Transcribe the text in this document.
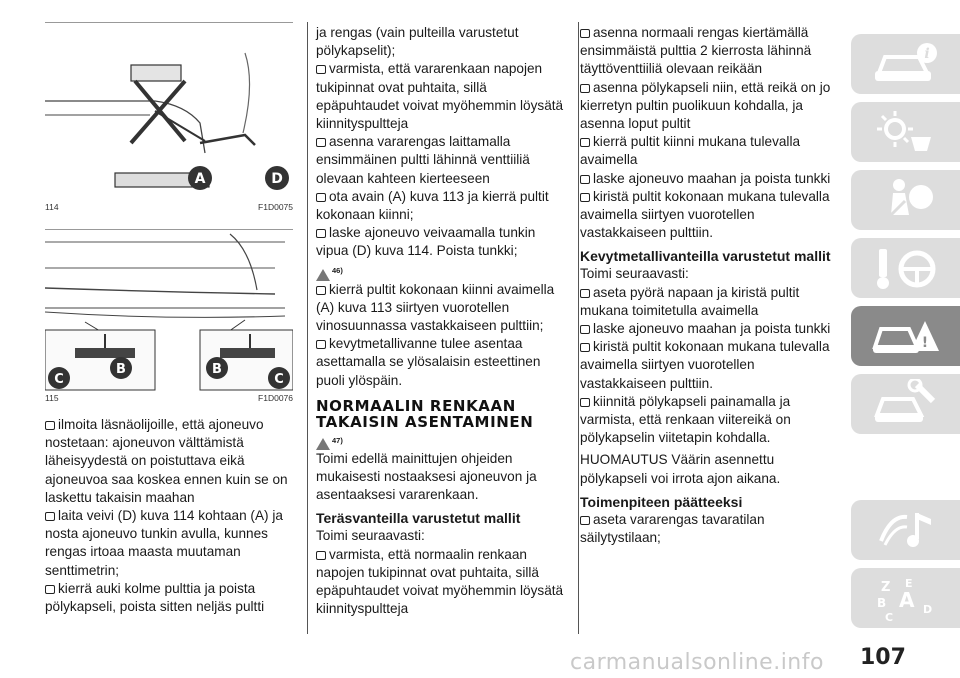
A	D
114	F1D0075
C
B	B
C
115	F1D0076

ilmoita läsnäolijoille, että ajoneuvo nostetaan: ajoneuvon välttämistä läheisyydestä on poistuttava eikä ajoneuvoa saa koskea ennen kuin se on laskettu takaisin maahan

laita veivi (D) kuva 114 kohtaan (A) ja nosta ajoneuvo tunkin avulla, kunnes rengas irtoaa maasta muutaman senttimetrin;

kierrä auki kolme pulttia ja poista pölykapseli, poista sitten neljäs pultti

ja rengas (vain pulteilla varustetut pölykapselit);

varmista, että vararenkaan napojen tukipinnat ovat puhtaita, sillä epäpuhtaudet voivat myöhemmin löysätä kiinnityspultteja

asenna vararengas laittamalla ensimmäinen pultti lähinnä venttiiliä olevaan kahteen kierteeseen

ota avain (A) kuva 113 ja kierrä pultit kokonaan kiinni;

laske ajoneuvo veivaamalla tunkin vipua (D) kuva 114. Poista tunkki;

46)

kierrä pultit kokonaan kiinni avaimella (A) kuva 113 siirtyen vuorotellen vinosuunnassa vastakkaiseen pulttiin;

kevytmetallivanne tulee asentaa asettamalla se ylösalaisin esteettinen puoli ylöspäin.

NORMAALIN RENKAAN TAKAISIN ASENTAMINEN
47)

Toimi edellä mainittujen ohjeiden mukaisesti nostaaksesi ajoneuvon ja asentaaksesi vararenkaan.

Teräsvanteilla varustetut mallit

Toimi seuraavasti:

varmista, että normaalin renkaan napojen tukipinnat ovat puhtaita, sillä epäpuhtaudet voivat myöhemmin löysätä kiinnityspultteja

asenna normaali rengas kiertämällä ensimmäistä pulttia 2 kierrosta lähinnä täyttöventtiiliä olevaan reikään

asenna pölykapseli niin, että reikä on jo kierretyn pultin puolikuun kohdalla, ja asenna loput pultit

kierrä pultit kiinni mukana tulevalla avaimella

laske ajoneuvo maahan ja poista tunkki

kiristä pultit kokonaan mukana tulevalla avaimella siirtyen vuorotellen vastakkaiseen pulttiin.

Kevytmetallivanteilla varustetut mallit

Toimi seuraavasti:

aseta pyörä napaan ja kiristä pultit mukana toimitetulla avaimella

laske ajoneuvo maahan ja poista tunkki

kiristä pultit kokonaan mukana tulevalla avaimella siirtyen vuorotellen vastakkaiseen pulttiin.

kiinnitä pölykapseli painamalla ja varmista, että renkaan viitereikä on pölykapselin viitetapin kohdalla.

HUOMAUTUS Väärin asennettu pölykapseli voi irrota ajon aikana.

Toimenpiteen päätteeksi

aseta vararengas tavaratilan säilytystilaan;

i
!
Z E
B A
C
D
carmanualsonline.info 107
